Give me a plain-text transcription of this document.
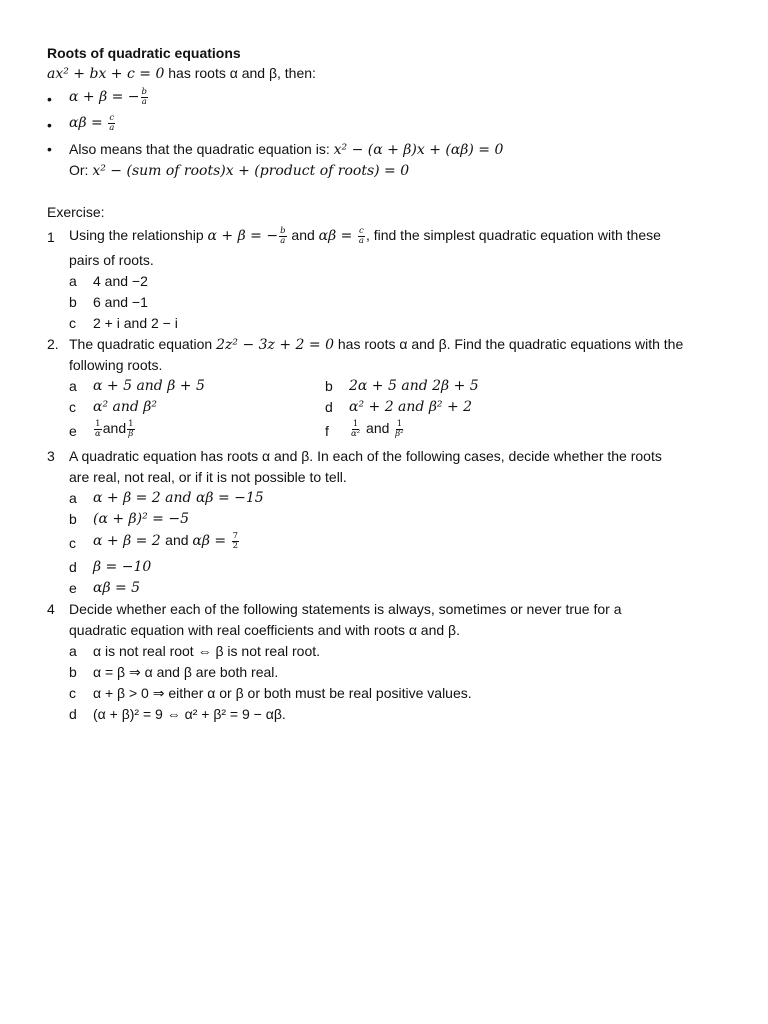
Roots of quadratic equations
ax² + bx + c = 0 has roots α and β, then:
• α + β = − $\frac{b}{a}$
• $\alpha\beta = \frac{c}{a}$
• Also means that the quadratic equation is: x² − (α + β)x + (αβ) = 0
Or: x² − (sum of roots)x + (product of roots) = 0
Exercise:
1 Using the relationship α + β = − $\frac{b}{a}$ and $\alpha\beta = \frac{c}{a}$ , find the simplest quadratic equation with these
pairs of roots.
a 4 and −2
b 6 and −1
c 2 + i and 2 − i
2. The quadratic equation 2z² − 3z + 2 = 0 has roots α and β. Find the quadratic equations with the
following roots.
a α + 5 and β + 5	b 2α + 5 and 2β + 5
c α² and β²	d α² + 2 and β² + 2
e $\frac{1}{\alpha}$ and $\frac{1}{\beta}$	f $\frac{1}{\text{α²}}$ and $\frac{1}{\text{β²}}$
3 A quadratic equation has roots α and β. In each of the following cases, decide whether the roots
are real, not real, or if it is not possible to tell.
a α + β = 2 and αβ = −15
b (α + β)² = −5
c α + β = 2 and $\alpha\beta = \frac{7}{2}$
d β = −10
e αβ = 5
4 Decide whether each of the following statements is always, sometimes or never true for a
quadratic equation with real coefficients and with roots α and β.
a α is not real root ⇔ β is not real root.
b α = β ⇒ α and β are both real.
c α + β > 0 ⇒ either α or β or both must be real positive values.
d (α + β)² = 9 ⇔ α² + β² = 9 − αβ.
